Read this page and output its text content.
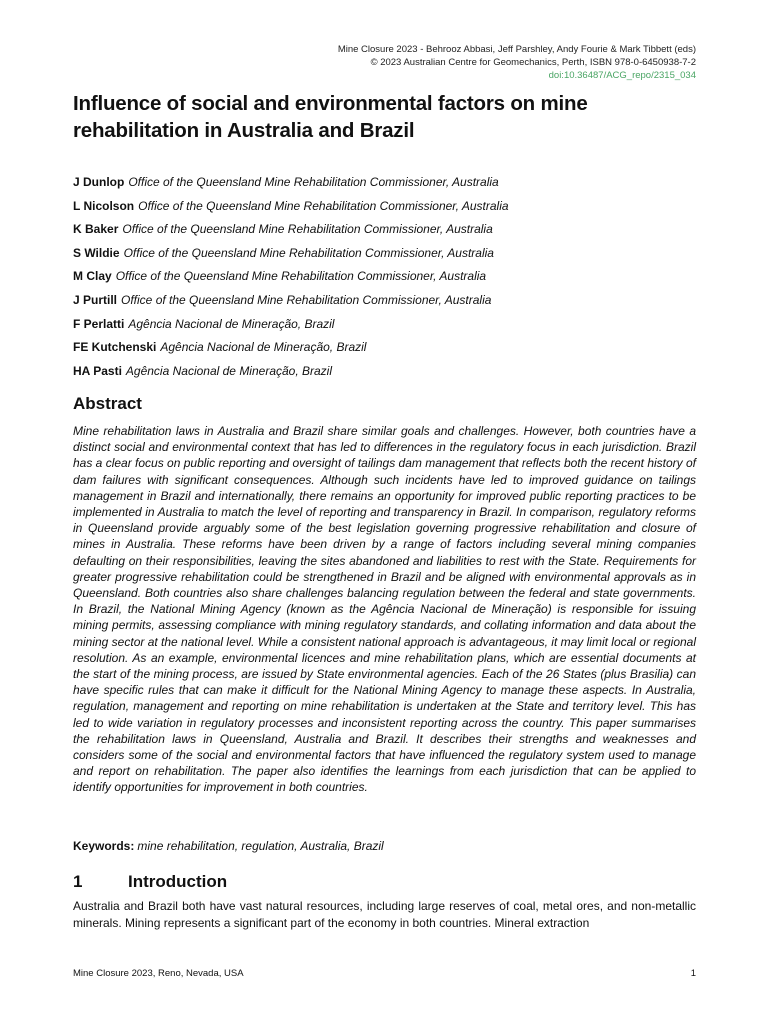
Mine Closure 2023 - Behrooz Abbasi, Jeff Parshley, Andy Fourie & Mark Tibbett (eds)
© 2023 Australian Centre for Geomechanics, Perth, ISBN 978-0-6450938-7-2
doi:10.36487/ACG_repo/2315_034
Influence of social and environmental factors on mine rehabilitation in Australia and Brazil
J Dunlop Office of the Queensland Mine Rehabilitation Commissioner, Australia
L Nicolson Office of the Queensland Mine Rehabilitation Commissioner, Australia
K Baker Office of the Queensland Mine Rehabilitation Commissioner, Australia
S Wildie Office of the Queensland Mine Rehabilitation Commissioner, Australia
M Clay Office of the Queensland Mine Rehabilitation Commissioner, Australia
J Purtill Office of the Queensland Mine Rehabilitation Commissioner, Australia
F Perlatti Agência Nacional de Mineração, Brazil
FE Kutchenski Agência Nacional de Mineração, Brazil
HA Pasti Agência Nacional de Mineração, Brazil
Abstract

Mine rehabilitation laws in Australia and Brazil share similar goals and challenges. However, both countries have a distinct social and environmental context that has led to differences in the regulatory focus in each jurisdiction. Brazil has a clear focus on public reporting and oversight of tailings dam management that reflects both the recent history of dam failures with significant consequences. Although such incidents have led to improved guidance on tailings management in Brazil and internationally, there remains an opportunity for improved public reporting practices to be implemented in Australia to match the level of reporting and transparency in Brazil. In comparison, regulatory reforms in Queensland provide arguably some of the best legislation governing progressive rehabilitation and closure of mines in Australia. These reforms have been driven by a range of factors including several mining companies defaulting on their responsibilities, leaving the sites abandoned and liabilities to rest with the State. Requirements for greater progressive rehabilitation could be strengthened in Brazil and be aligned with environmental approvals as in Queensland. Both countries also share challenges balancing regulation between the federal and state governments. In Brazil, the National Mining Agency (known as the Agência Nacional de Mineração) is responsible for issuing mining permits, assessing compliance with mining regulatory standards, and collating information and data about the mining sector at the national level. While a consistent national approach is advantageous, it may limit local or regional resolution. As an example, environmental licences and mine rehabilitation plans, which are essential documents at the start of the mining process, are issued by State environmental agencies. Each of the 26 States (plus Brasilia) can have specific rules that can make it difficult for the National Mining Agency to manage these aspects. In Australia, regulation, management and reporting on mine rehabilitation is undertaken at the State and territory level. This has led to wide variation in regulatory processes and inconsistent reporting across the country. This paper summarises the rehabilitation laws in Queensland, Australia and Brazil. It describes their strengths and weaknesses and considers some of the social and environmental factors that have influenced the regulatory system used to manage and report on rehabilitation. The paper also identifies the learnings from each jurisdiction that can be applied to identify opportunities for improvement in both countries.

Keywords: mine rehabilitation, regulation, Australia, Brazil

1	Introduction

Australia and Brazil both have vast natural resources, including large reserves of coal, metal ores, and non-metallic minerals. Mining represents a significant part of the economy in both countries. Mineral extraction

Mine Closure 2023, Reno, Nevada, USA	1
